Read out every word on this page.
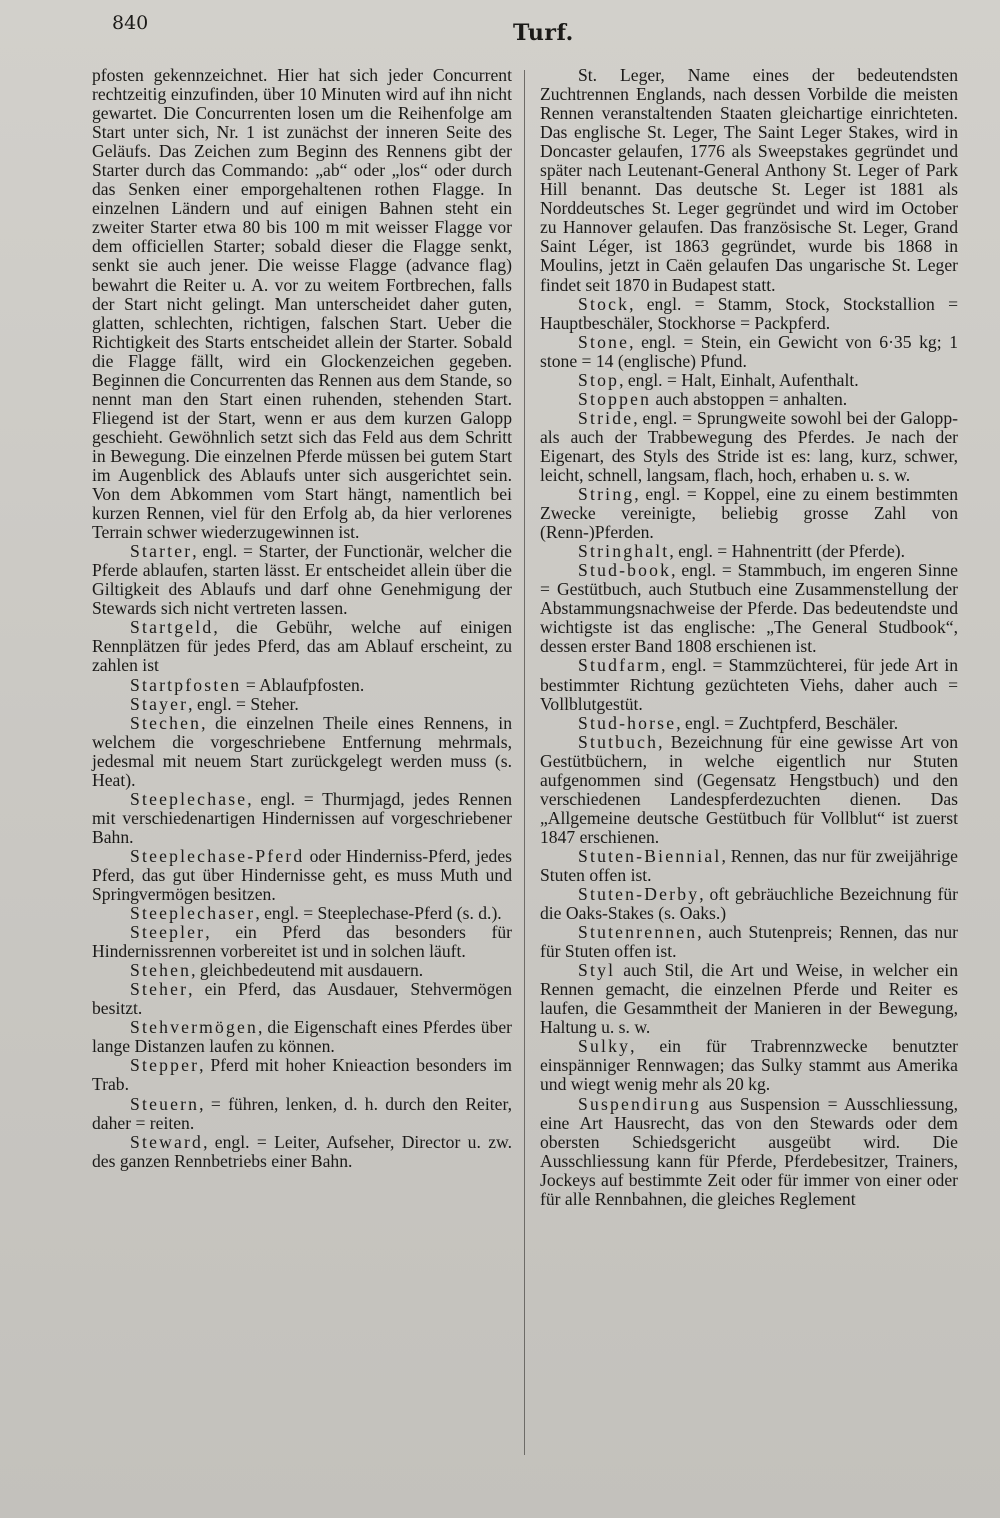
840	Turf.

pfosten gekennzeichnet. Hier hat sich jeder Concurrent rechtzeitig einzufinden, über 10 Minuten wird auf ihn nicht gewartet. Die Concurrenten losen um die Reihenfolge am Start unter sich, Nr. 1 ist zunächst der inneren Seite des Geläufs. Das Zeichen zum Beginn des Rennens gibt der Starter durch das Commando: „ab“ oder „los“ oder durch das Senken einer emporgehaltenen rothen Flagge. In einzelnen Ländern und auf einigen Bahnen steht ein zweiter Starter etwa 80 bis 100 m mit weisser Flagge vor dem officiellen Starter; sobald dieser die Flagge senkt, senkt sie auch jener. Die weisse Flagge (advance flag) bewahrt die Reiter u. A. vor zu weitem Fortbrechen, falls der Start nicht gelingt. Man unterscheidet daher guten, glatten, schlechten, richtigen, falschen Start. Ueber die Richtigkeit des Starts entscheidet allein der Starter. Sobald die Flagge fällt, wird ein Glockenzeichen gegeben. Beginnen die Concurrenten das Rennen aus dem Stande, so nennt man den Start einen ruhenden, stehenden Start. Fliegend ist der Start, wenn er aus dem kurzen Galopp geschieht. Gewöhnlich setzt sich das Feld aus dem Schritt in Bewegung. Die einzelnen Pferde müssen bei gutem Start im Augenblick des Ablaufs unter sich ausgerichtet sein. Von dem Abkommen vom Start hängt, namentlich bei kurzen Rennen, viel für den Erfolg ab, da hier verlorenes Terrain schwer wiederzugewinnen ist.

Starter, engl. = Starter, der Functionär, welcher die Pferde ablaufen, starten lässt. Er entscheidet allein über die Giltigkeit des Ablaufs und darf ohne Genehmigung der Stewards sich nicht vertreten lassen.

Startgeld, die Gebühr, welche auf einigen Rennplätzen für jedes Pferd, das am Ablauf erscheint, zu zahlen ist

Startpfosten = Ablaufpfosten.

Stayer, engl. = Steher.

Stechen, die einzelnen Theile eines Rennens, in welchem die vorgeschriebene Entfernung mehrmals, jedesmal mit neuem Start zurückgelegt werden muss (s. Heat).

Steeplechase, engl. = Thurmjagd, jedes Rennen mit verschiedenartigen Hindernissen auf vorgeschriebener Bahn.

Steeplechase-Pferd oder Hinderniss-Pferd, jedes Pferd, das gut über Hindernisse geht, es muss Muth und Springvermögen besitzen.

Steeplechaser, engl. = Steeplechase-Pferd (s. d.).

Steepler, ein Pferd das besonders für Hindernissrennen vorbereitet ist und in solchen läuft.

Stehen, gleichbedeutend mit ausdauern.

Steher, ein Pferd, das Ausdauer, Stehvermögen besitzt.

Stehvermögen, die Eigenschaft eines Pferdes über lange Distanzen laufen zu können.

Stepper, Pferd mit hoher Knieaction besonders im Trab.

Steuern, = führen, lenken, d. h. durch den Reiter, daher = reiten.

Steward, engl. = Leiter, Aufseher, Director u. zw. des ganzen Rennbetriebs einer Bahn.

St. Leger, Name eines der bedeutendsten Zuchtrennen Englands, nach dessen Vorbilde die meisten Rennen veranstaltenden Staaten gleichartige einrichteten. Das englische St. Leger, The Saint Leger Stakes, wird in Doncaster gelaufen, 1776 als Sweepstakes gegründet und später nach Leutenant-General Anthony St. Leger of Park Hill benannt. Das deutsche St. Leger ist 1881 als Norddeutsches St. Leger gegründet und wird im October zu Hannover gelaufen. Das französische St. Leger, Grand Saint Léger, ist 1863 gegründet, wurde bis 1868 in Moulins, jetzt in Caën gelaufen Das ungarische St. Leger findet seit 1870 in Budapest statt.

Stock, engl. = Stamm, Stock, Stockstallion = Hauptbeschäler, Stockhorse = Packpferd.

Stone, engl. = Stein, ein Gewicht von 6·35 kg; 1 stone = 14 (englische) Pfund.

Stop, engl. = Halt, Einhalt, Aufenthalt.

Stoppen auch abstoppen = anhalten.

Stride, engl. = Sprungweite sowohl bei der Galopp- als auch der Trabbewegung des Pferdes. Je nach der Eigenart, des Styls des Stride ist es: lang, kurz, schwer, leicht, schnell, langsam, flach, hoch, erhaben u. s. w.

String, engl. = Koppel, eine zu einem bestimmten Zwecke vereinigte, beliebig grosse Zahl von (Renn-)Pferden.

Stringhalt, engl. = Hahnentritt (der Pferde).

Stud-book, engl. = Stammbuch, im engeren Sinne = Gestütbuch, auch Stutbuch eine Zusammenstellung der Abstammungsnachweise der Pferde. Das bedeutendste und wichtigste ist das englische: „The General Studbook“, dessen erster Band 1808 erschienen ist.

Studfarm, engl. = Stammzüchterei, für jede Art in bestimmter Richtung gezüchteten Viehs, daher auch = Vollblutgestüt.

Stud-horse, engl. = Zuchtpferd, Beschäler.

Stutbuch, Bezeichnung für eine gewisse Art von Gestütbüchern, in welche eigentlich nur Stuten aufgenommen sind (Gegensatz Hengstbuch) und den verschiedenen Landespferdezuchten dienen. Das „Allgemeine deutsche Gestütbuch für Vollblut“ ist zuerst 1847 erschienen.

Stuten-Biennial, Rennen, das nur für zweijährige Stuten offen ist.

Stuten-Derby, oft gebräuchliche Bezeichnung für die Oaks-Stakes (s. Oaks.)

Stutenrennen, auch Stutenpreis; Rennen, das nur für Stuten offen ist.

Styl auch Stil, die Art und Weise, in welcher ein Rennen gemacht, die einzelnen Pferde und Reiter es laufen, die Gesammtheit der Manieren in der Bewegung, Haltung u. s. w.

Sulky, ein für Trabrennzwecke benutzter einspänniger Rennwagen; das Sulky stammt aus Amerika und wiegt wenig mehr als 20 kg.

Suspendirung aus Suspension = Ausschliessung, eine Art Hausrecht, das von den Stewards oder dem obersten Schiedsgericht ausgeübt wird. Die Ausschliessung kann für Pferde, Pferdebesitzer, Trainers, Jockeys auf bestimmte Zeit oder für immer von einer oder für alle Rennbahnen, die gleiches Reglement
